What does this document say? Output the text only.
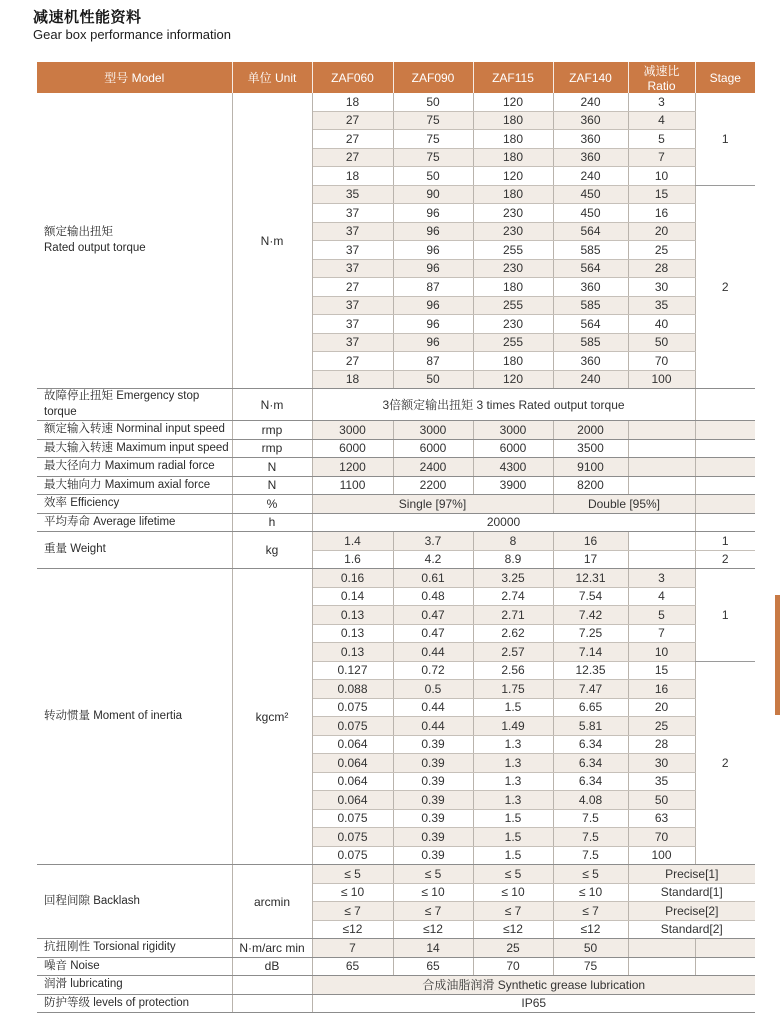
减速机性能资料
Gear box performance information
型号 Model	单位 Unit	ZAF060	ZAF090	ZAF115	ZAF140	减速比 Ratio	Stage

额定输出扭矩
Rated output torque	N·m	18	50	120	240	3	1
		27	75	180	360	4	
		27	75	180	360	5	
		27	75	180	360	7	
		18	50	120	240	10	
		35	90	180	450	15	2
		37	96	230	450	16	
		37	96	230	564	20	
		37	96	255	585	25	
		37	96	230	564	28	
		27	87	180	360	30	
		37	96	255	585	35	
		37	96	230	564	40	
		37	96	255	585	50	
		27	87	180	360	70	
		18	50	120	240	100	

故障停止扭矩 Emergency stop torque	N·m	3倍额定输出扭矩 3 times Rated output torque					

额定输入转速 Norminal input speed	rmp	3000	3000	3000	2000		

最大输入转速 Maximum input speed	rmp	6000	6000	6000	3500		

最大径向力 Maximum radial force	N	1200	2400	4300	9100		

最大轴向力 Maximum axial force	N	1100	2200	3900	8200		

效率 Efficiency	%	Single [97%]			Double [95%]		

平均寿命 Average lifetime	h	20000					

重量 Weight	kg	1.4	3.7	8	16		1
		1.6	4.2	8.9	17		2

转动惯量 Moment of inertia	kgcm²	0.16	0.61	3.25	12.31	3	1
		0.14	0.48	2.74	7.54	4	
		0.13	0.47	2.71	7.42	5	
		0.13	0.47	2.62	7.25	7	
		0.13	0.44	2.57	7.14	10	
		0.127	0.72	2.56	12.35	15	2
		0.088	0.5	1.75	7.47	16	
		0.075	0.44	1.5	6.65	20	
		0.075	0.44	1.49	5.81	25	
		0.064	0.39	1.3	6.34	28	
		0.064	0.39	1.3	6.34	30	
		0.064	0.39	1.3	6.34	35	
		0.064	0.39	1.3	4.08	50	
		0.075	0.39	1.5	7.5	63	
		0.075	0.39	1.5	7.5	70	
		0.075	0.39	1.5	7.5	100	

回程间隙 Backlash	arcmin	≤ 5	≤ 5	≤ 5	≤ 5	Precise[1]	
		≤ 10	≤ 10	≤ 10	≤ 10	Standard[1]	
		≤ 7	≤ 7	≤ 7	≤ 7	Precise[2]	
		≤12	≤12	≤12	≤12	Standard[2]	

抗扭刚性 Torsional rigidity	N·m/arc min	7	14	25	50		

噪音 Noise	dB	65	65	70	75		

润滑 lubricating		合成油脂润滑 Synthetic grease lubrication					

防护等级 levels of protection		IP65					
